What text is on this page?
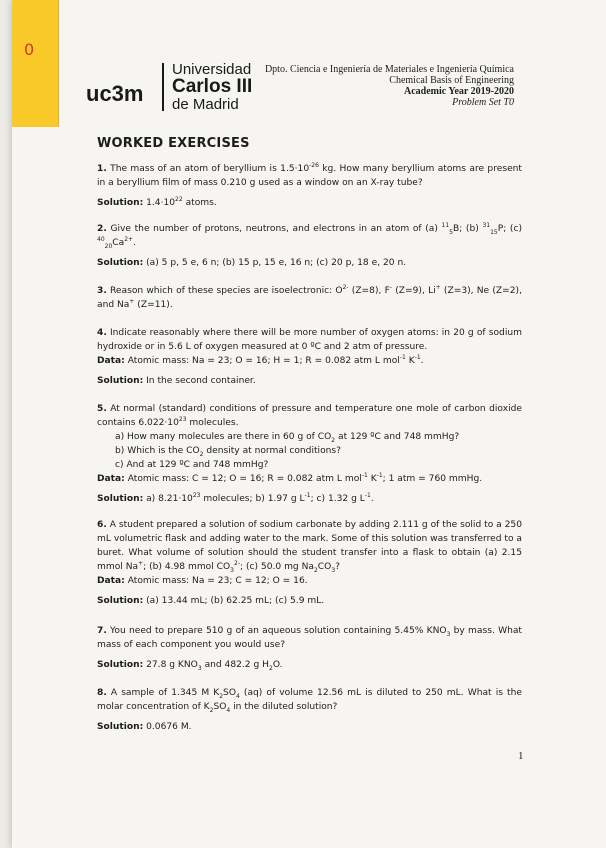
0
uc3m
Universidad
Carlos III
de Madrid
Dpto. Ciencia e Ingeniería de Materiales e Ingeniería Química
Chemical Basis of Engineering
Academic Year 2019-2020
Problem Set T0
WORKED EXERCISES

1. The mass of an atom of beryllium is $1.5\cdot 10^{-26}$ kg. How many beryllium atoms are present in a beryllium film of mass 0.210 g used as a window on an X-ray tube?

Solution: $1.4\cdot 10^{22}$ atoms.

2. Give the number of protons, neutrons, and electrons in an atom of (a) $^{11}_5$B; (b) $^{31}_{15}$P; (c) $^{40}_{20}Ca^{2+}$.

Solution: (a) 5 p, 5 e, 6 n; (b) 15 p, 15 e, 16 n; (c) 20 p, 18 e, 20 n.

3. Reason which of these species are isoelectronic: $O^{2-}$ (Z=8), F- (Z=9), Li+ (Z=3), Ne (Z=2), and Na+ (Z=11).

4. Indicate reasonably where there will be more number of oxygen atoms: in 20 g of sodium hydroxide or in 5.6 L of oxygen measured at 0 ºC and 2 atm of pressure.

Data: Atomic mass: Na = 23; O = 16; H = 1; R = 0.082 atm L mol$^{-1}$ $K^{-1}$.

Solution: In the second container.

5. At normal (standard) conditions of pressure and temperature one mole of carbon dioxide contains $6.022\cdot 10^{23}$ molecules.

a) How many molecules are there in 60 g of $CO_2$ at 129 ºC and 748 mmHg?

b) Which is the $CO_2$ density at normal conditions?

c) And at 129 ºC and 748 mmHg?

Data: Atomic mass: C = 12; O = 16; R = 0.082 atm L mol$^{-1}$ $K^{-1}$; 1 atm = 760 mmHg.

Solution: a) $8.21\cdot 10^{23}$ molecules; b) 1.97 g $L^{-1}$; c) 1.32 g $L^{-1}$.

6. A student prepared a solution of sodium carbonate by adding 2.111 g of the solid to a 250 mL volumetric flask and adding water to the mark. Some of this solution was transferred to a buret. What volume of solution should the student transfer into a flask to obtain (a) 2.15 mmol Na+; (b) 4.98 mmol $CO_3^{2-}$; (c) 50.0 mg $Na_2CO_3$?

Data: Atomic mass: Na = 23; C = 12; O = 16.

Solution: (a) 13.44 mL; (b) 62.25 mL; (c) 5.9 mL.

7. You need to prepare 510 g of an aqueous solution containing 5.45% $KNO_3$ by mass. What mass of each component you would use?

Solution: 27.8 g $KNO_3$ and 482.2 g $H_2O$.

8. A sample of 1.345 M $K_2SO_4$ (aq) of volume 12.56 mL is diluted to 250 mL. What is the molar concentration of $K_2SO_4$ in the diluted solution?

Solution: 0.0676 M.

1
